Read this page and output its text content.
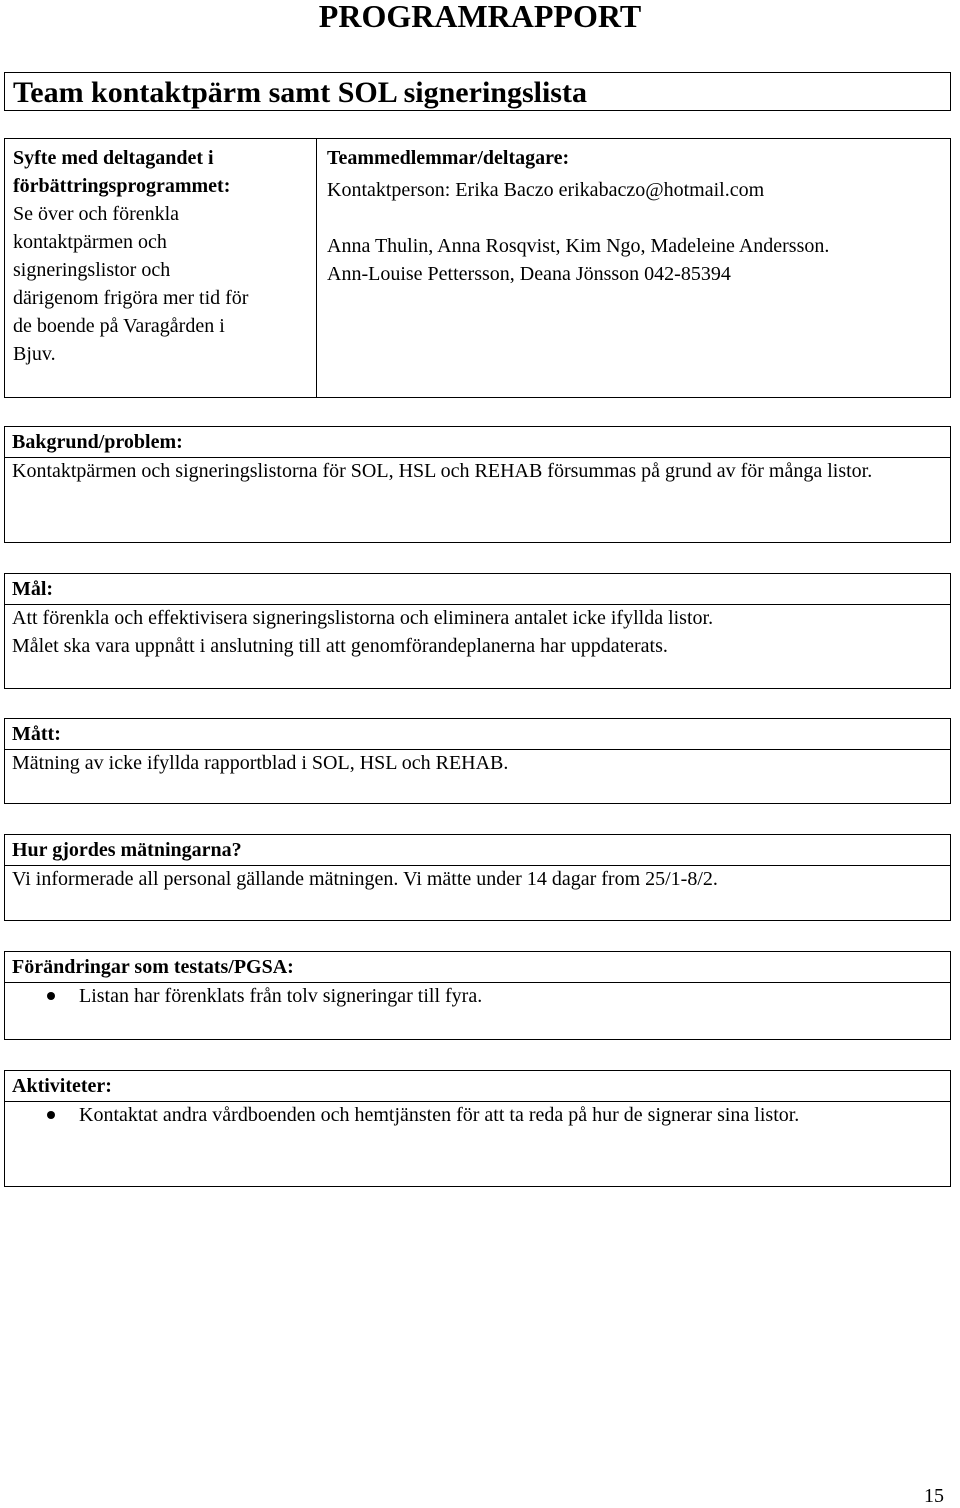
PROGRAMRAPPORT
Team kontaktpärm samt SOL signeringslista
Syfte med deltagandet i
förbättringsprogrammet:
Se över och förenkla
kontaktpärmen och
signeringslistor och
därigenom frigöra mer tid för
de boende på Varagården i
Bjuv.
Teammedlemmar/deltagare:
Kontaktperson: Erika Baczo erikabaczo@hotmail.com
Anna Thulin, Anna Rosqvist, Kim Ngo, Madeleine Andersson.
Ann-Louise Pettersson, Deana Jönsson 042-85394
Bakgrund/problem:
Kontaktpärmen och signeringslistorna för SOL, HSL och REHAB försummas på grund av för många listor.
Mål:
Att förenkla och effektivisera signeringslistorna och eliminera antalet icke ifyllda listor.
Målet ska vara uppnått i anslutning till att genomförandeplanerna har uppdaterats.
Mått:
Mätning av icke ifyllda rapportblad i SOL, HSL och REHAB.
Hur gjordes mätningarna?
Vi informerade all personal gällande mätningen. Vi mätte under 14 dagar from 25/1-8/2.
Förändringar som testats/PGSA:
Listan har förenklats från tolv signeringar till fyra.
Aktiviteter:
Kontaktat andra vårdboenden och hemtjänsten för att ta reda på hur de signerar sina listor.
15
